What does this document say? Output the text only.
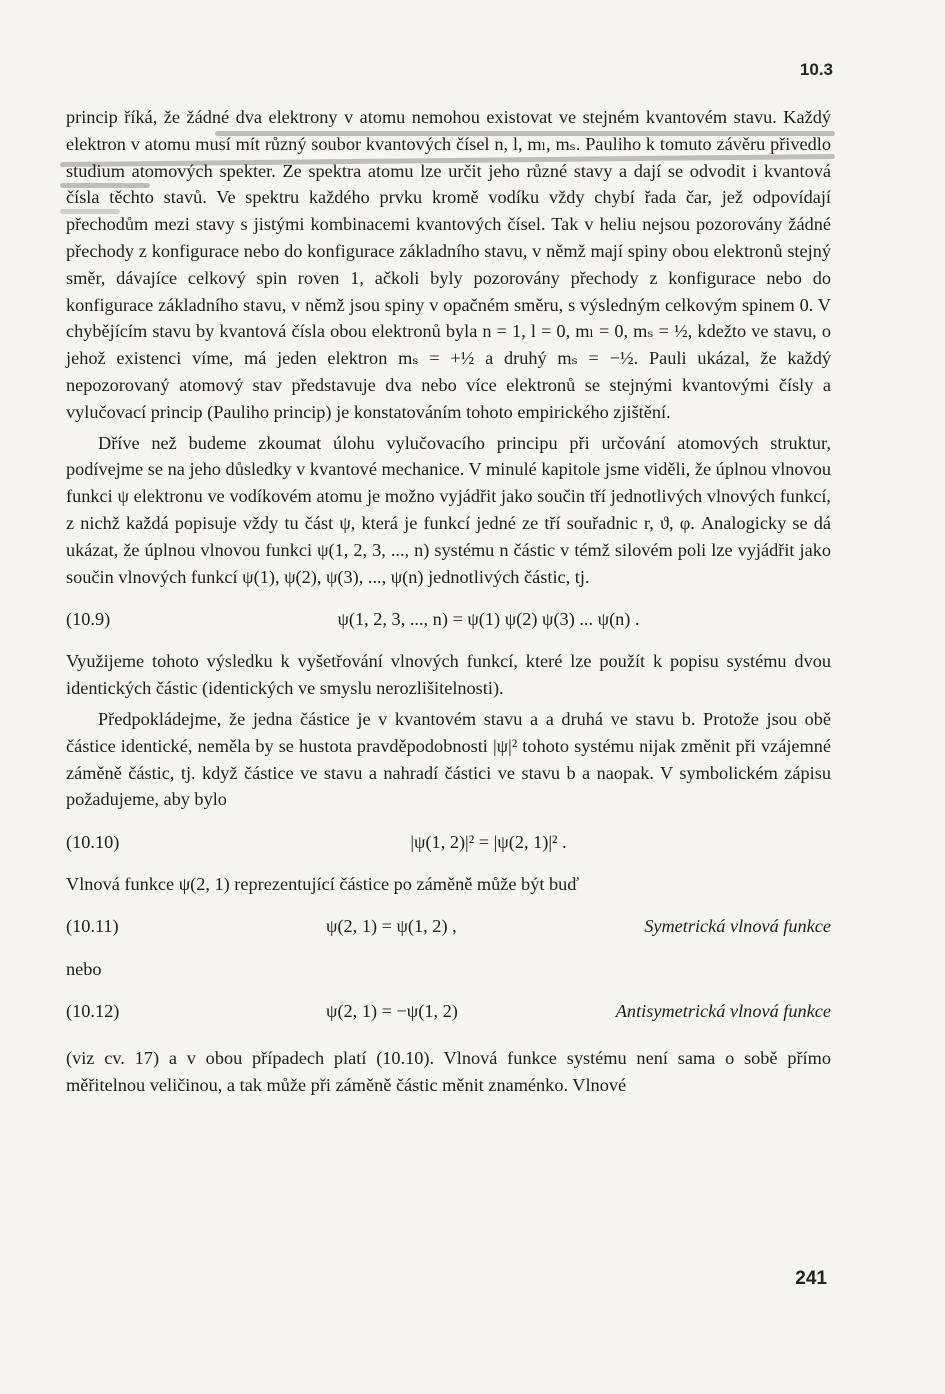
10.3

princip říká, že žádné dva elektrony v atomu nemohou existovat ve stejném kvantovém stavu. Každý elektron v atomu musí mít různý soubor kvantových čísel n, l, mₗ, mₛ. Pauliho k tomuto závěru přivedlo studium atomových spekter. Ze spektra atomu lze určit jeho různé stavy a dají se odvodit i kvantová čísla těchto stavů. Ve spektru každého prvku kromě vodíku vždy chybí řada čar, jež odpovídají přechodům mezi stavy s jistými kombinacemi kvantových čísel. Tak v heliu nejsou pozorovány žádné přechody z konfigurace nebo do konfigurace základního stavu, v němž mají spiny obou elektronů stejný směr, dávajíce celkový spin roven 1, ačkoli byly pozorovány přechody z konfigurace nebo do konfigurace základního stavu, v němž jsou spiny v opačném směru, s výsledným celkovým spinem 0. V chybějícím stavu by kvantová čísla obou elektronů byla n = 1, l = 0, mₗ = 0, mₛ = ½, kdežto ve stavu, o jehož existenci víme, má jeden elektron mₛ = +½ a druhý mₛ = −½. Pauli ukázal, že každý nepozorovaný atomový stav představuje dva nebo více elektronů se stejnými kvantovými čísly a vylučovací princip (Pauliho princip) je konstatováním tohoto empirického zjištění.

Dříve než budeme zkoumat úlohu vylučovacího principu při určování atomových struktur, podívejme se na jeho důsledky v kvantové mechanice. V minulé kapitole jsme viděli, že úplnou vlnovou funkci ψ elektronu ve vodíkovém atomu je možno vyjádřit jako součin tří jednotlivých vlnových funkcí, z nichž každá popisuje vždy tu část ψ, která je funkcí jedné ze tří souřadnic r, ϑ, φ. Analogicky se dá ukázat, že úplnou vlnovou funkci ψ(1, 2, 3, ..., n) systému n částic v témž silovém poli lze vyjádřit jako součin vlnových funkcí ψ(1), ψ(2), ψ(3), ..., ψ(n) jednotlivých částic, tj.

(10.9)	ψ(1, 2, 3, ..., n) = ψ(1) ψ(2) ψ(3) ... ψ(n) .

Využijeme tohoto výsledku k vyšetřování vlnových funkcí, které lze použít k popisu systému dvou identických částic (identických ve smyslu nerozlišitelnosti).

Předpokládejme, že jedna částice je v kvantovém stavu a a druhá ve stavu b. Protože jsou obě částice identické, neměla by se hustota pravděpodobnosti |ψ|² tohoto systému nijak změnit při vzájemné záměně částic, tj. když částice ve stavu a nahradí částici ve stavu b a naopak. V symbolickém zápisu požadujeme, aby bylo

(10.10)	|ψ(1, 2)|² = |ψ(2, 1)|² .

Vlnová funkce ψ(2, 1) reprezentující částice po záměně může být buď

(10.11)	ψ(2, 1) = ψ(1, 2) ,	Symetrická vlnová funkce

nebo

(10.12)	ψ(2, 1) = −ψ(1, 2)	Antisymetrická vlnová funkce

(viz cv. 17) a v obou případech platí (10.10). Vlnová funkce systému není sama o sobě přímo měřitelnou veličinou, a tak může při záměně částic měnit znaménko. Vlnové

241
